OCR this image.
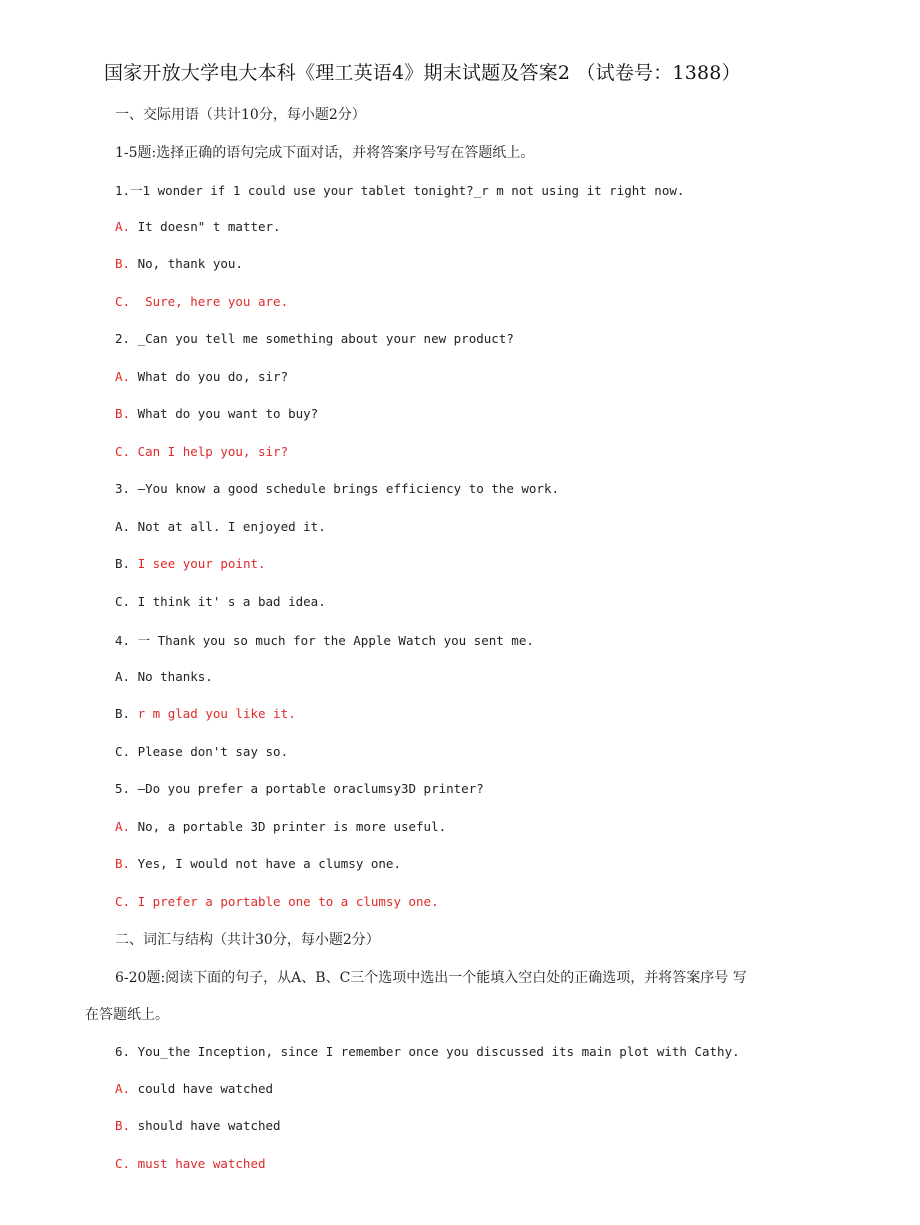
国家开放大学电大本科《理工英语4》期末试题及答案2 （试卷号：1388）
一、交际用语（共计10分，每小题2分）
1-5题:选择正确的语句完成下面对话，并将答案序号写在答题纸上。
1.一1 wonder if 1 could use your tablet tonight?_r m not using it right now.
A. It doesn" t matter.
B. No, thank you.
C.  Sure, here you are.
2. _Can you tell me something about your new product?
A. What do you do, sir?
B. What do you want to buy?
C. Can I help you, sir?
3. —You know a good schedule brings efficiency to the work.
A. Not at all. I enjoyed it.
B. I see your point.
C. I think it' s a bad idea.
4. 一 Thank you so much for the Apple Watch you sent me.
A. No thanks.
B. r m glad you like it.
C. Please don't say so.
5. —Do you prefer a portable oraclumsy3D printer?
A. No, a portable 3D printer is more useful.
B. Yes, I would not have a clumsy one.
C. I prefer a portable one to a clumsy one.
二、词汇与结构（共计30分，每小题2分）
6-20题:阅读下面的句子，从A、B、C三个选项中选出一个能填入空白处的正确选项，并将答案序号 写
在答题纸上。
6. You_the Inception, since I remember once you discussed its main plot with Cathy.
A. could have watched
B. should have watched
C. must have watched
